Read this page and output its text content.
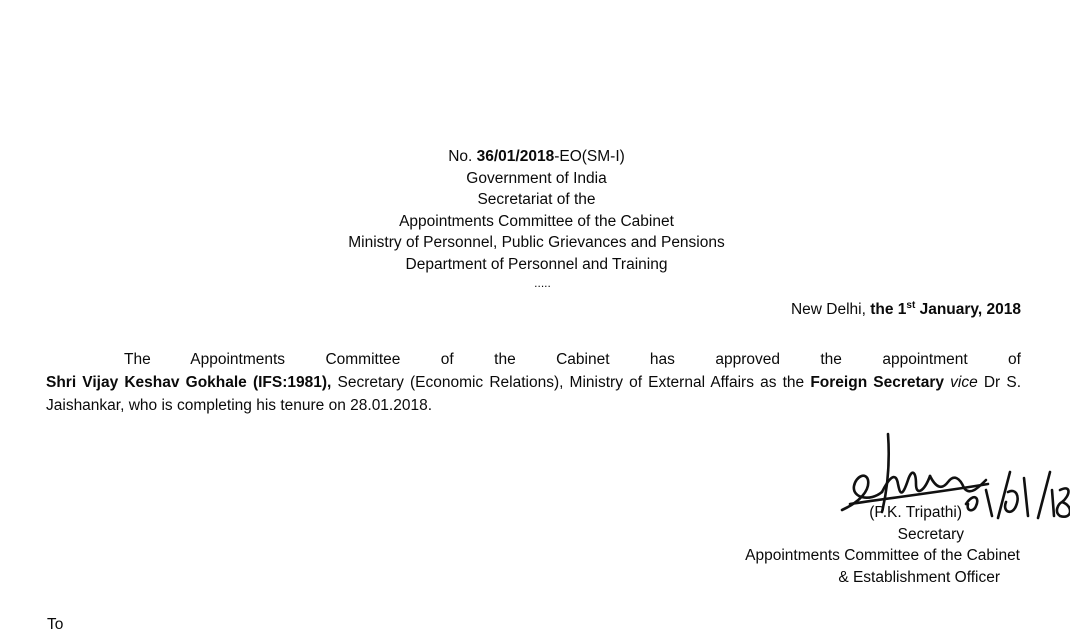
No. 36/01/2018-EO(SM-I)
Government of India
Secretariat of the
Appointments Committee of the Cabinet
Ministry of Personnel, Public Grievances and Pensions
Department of Personnel and Training
.....
New Delhi, the 1st January, 2018
The Appointments Committee of the Cabinet has approved the appointment of
Shri Vijay Keshav Gokhale (IFS:1981), Secretary (Economic Relations), Ministry of External Affairs as the Foreign Secretary vice Dr S. Jaishankar, who is completing his tenure on 28.01.2018.
(P.K. Tripathi)
Secretary
Appointments Committee of the Cabinet
& Establishment Officer
To
